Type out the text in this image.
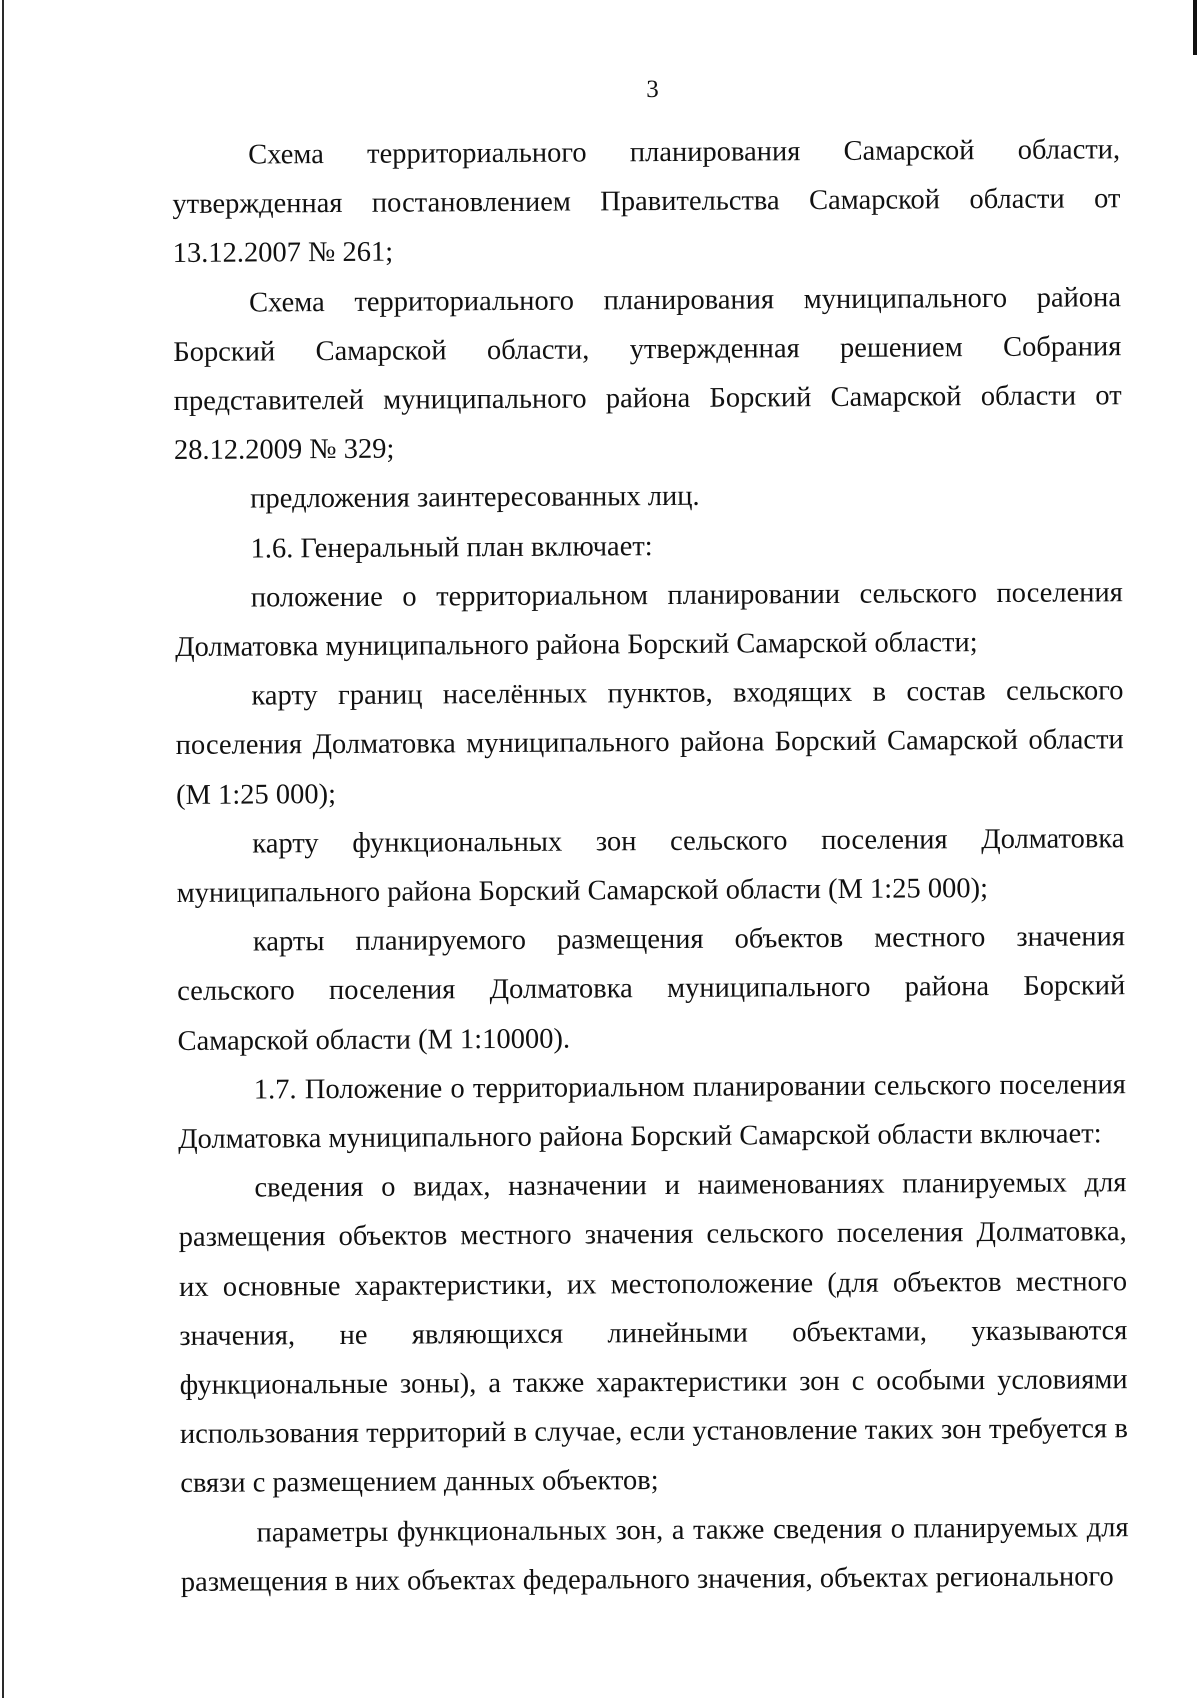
3

Схема территориального планирования Самарской области, утвержденная постановлением Правительства Самарской области от 13.12.2007 № 261;

Схема территориального планирования муниципального района Борский Самарской области, утвержденная решением Собрания представителей муниципального района Борский Самарской области от 28.12.2009 № 329;

предложения заинтересованных лиц.

1.6. Генеральный план включает:

положение о территориальном планировании сельского поселения Долматовка муниципального района Борский Самарской области;

карту границ населённых пунктов, входящих в состав сельского поселения Долматовка муниципального района Борский Самарской области (М 1:25 000);

карту функциональных зон сельского поселения Долматовка муниципального района Борский Самарской области (М 1:25 000);

карты планируемого размещения объектов местного значения сельского поселения Долматовка муниципального района Борский Самарской области (М 1:10000).

1.7. Положение о территориальном планировании сельского поселения Долматовка муниципального района Борский Самарской области включает:

сведения о видах, назначении и наименованиях планируемых для размещения объектов местного значения сельского поселения Долматовка, их основные характеристики, их местоположение (для объектов местного значения, не являющихся линейными объектами, указываются функциональные зоны), а также характеристики зон с особыми условиями использования территорий в случае, если установление таких зон требуется в связи с размещением данных объектов;

параметры функциональных зон, а также сведения о планируемых для размещения в них объектах федерального значения, объектах регионального
